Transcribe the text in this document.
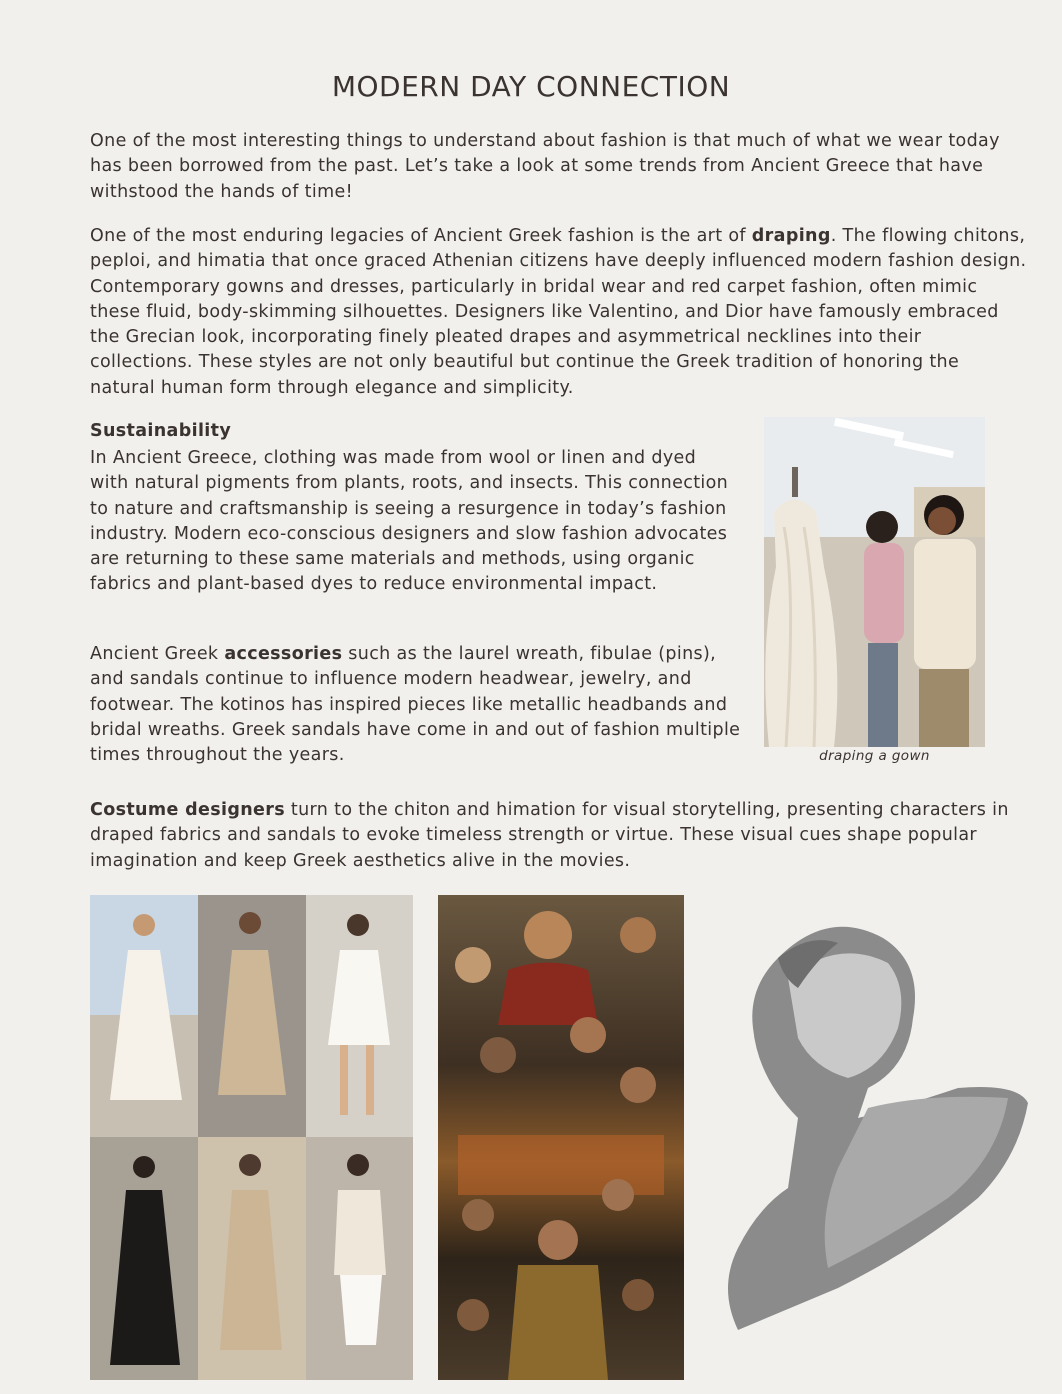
MODERN DAY CONNECTION

One of the most interesting things to understand about fashion is that much of what we wear today has been borrowed from the past. Let’s take a look at some trends from Ancient Greece that have withstood the hands of time!

One of the most enduring legacies of Ancient Greek fashion is the art of draping. The flowing chitons, peploi, and himatia that once graced Athenian citizens have deeply influenced modern fashion design. Contemporary gowns and dresses, particularly in bridal wear and red carpet fashion, often mimic these fluid, body-skimming silhouettes. Designers like Valentino, and Dior have famously embraced the Grecian look, incorporating finely pleated drapes and asymmetrical necklines into their collections. These styles are not only beautiful but continue the Greek tradition of honoring the natural human form through elegance and simplicity.

Sustainability

In Ancient Greece, clothing was made from wool or linen and dyed with natural pigments from plants, roots, and insects. This connection to nature and craftsmanship is seeing a resurgence in today’s fashion industry. Modern eco-conscious designers and slow fashion advocates are returning to these same materials and methods, using organic fabrics and plant-based dyes to reduce environmental impact.

Ancient Greek accessories such as the laurel wreath, fibulae (pins), and sandals continue to influence modern headwear, jewelry, and footwear. The kotinos has inspired pieces like metallic headbands and bridal wreaths. Greek sandals have come in and out of fashion multiple times throughout the years.

Costume designers turn to the chiton and himation for visual storytelling, presenting characters in draped fabrics and sandals to evoke timeless strength or virtue. These visual cues shape popular imagination and keep Greek aesthetics alive in the movies.

draping a gown
